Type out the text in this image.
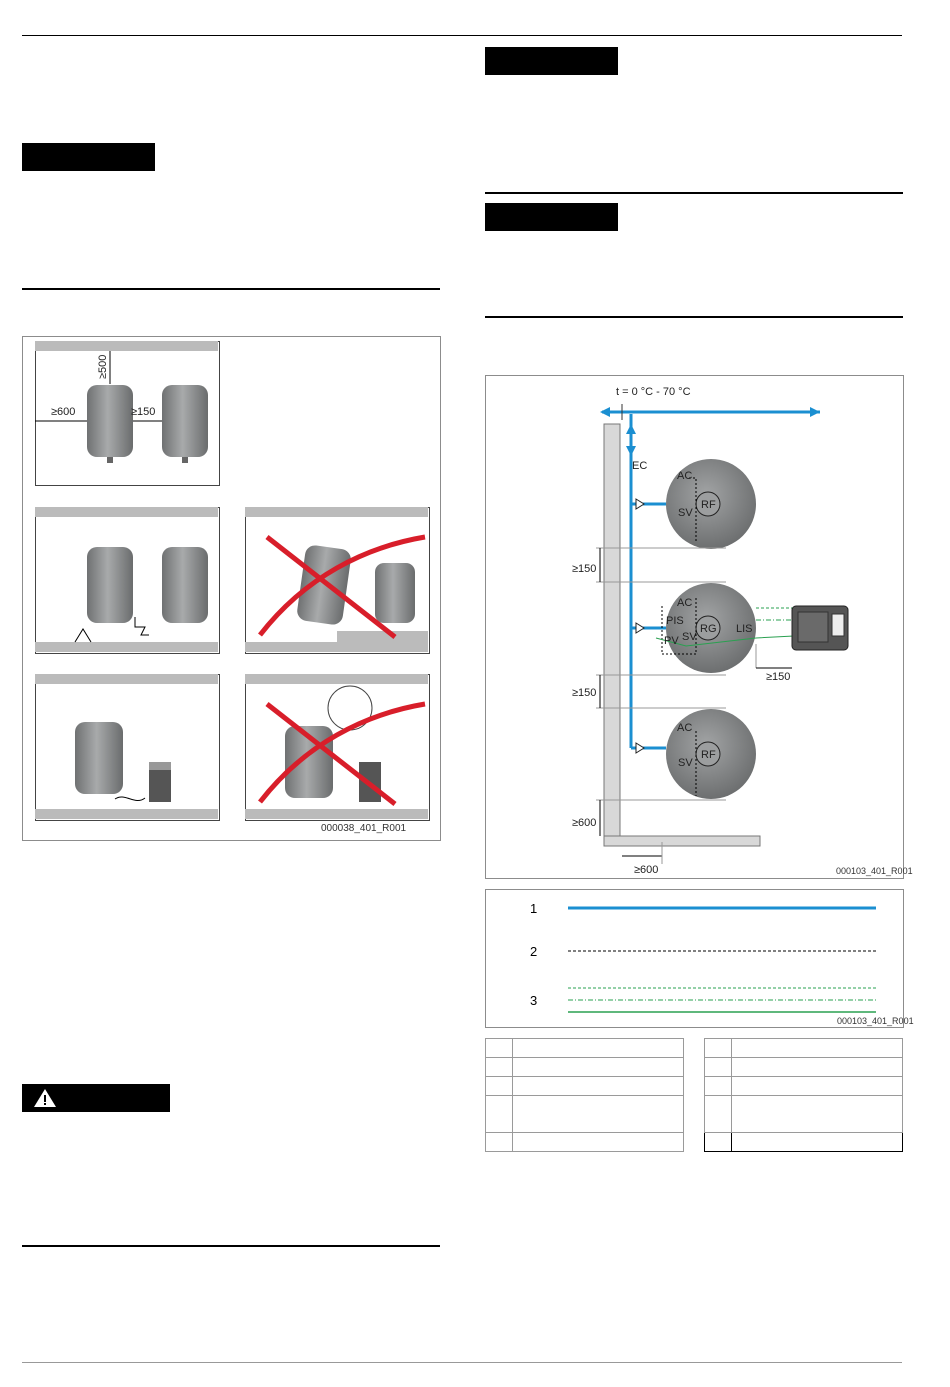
≥500
≥600	≥150
000038_401_R001
t = 0 °C - 70 °C
EC
AC
SV
RF
AC
PIS
SV
PV
RG LIS
AC
SV
RF
≥150
≥150
≥150
≥600
≥600	000103_401_R001
1
2
3
000103_401_R001
